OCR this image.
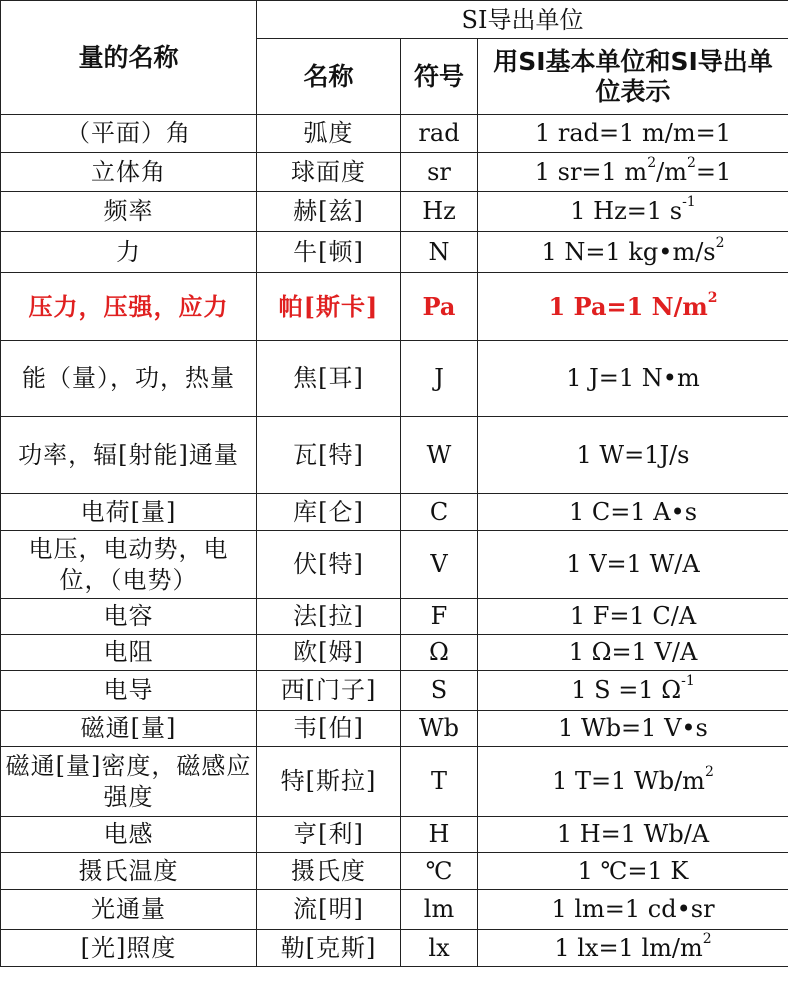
量的名称	SI导出单位		
	名称	符号	用SI基本单位和SI导出单位表示
（平面）角	弧度	rad	1 rad=1 m/m=1
立体角	球面度	sr	1 sr=1 $m^2/m^2=1$
频率	赫[兹]	Hz	1 Hz=1 $s^{-1}$
力	牛[顿]	N	1 N=1 $kg•m/s^2$
压力，压强，应力	帕[斯卡]	Pa	1 Pa=1 $N/m^2$
能（量），功，热量	焦[耳]	J	1 J=1 N•m
功率，辐[射能]通量	瓦[特]	W	1 W=1J/s
电荷[量]	库[仑]	C	1 C=1 A•s
电压，电动势，电位，（电势）	伏[特]	V	1 V=1 W/A
电容	法[拉]	F	1 F=1 C/A
电阻	欧[姆]	Ω	1 Ω=1 V/A
电导	西[门子]	S	1 S =1 $\Omega^{-1}$
磁通[量]	韦[伯]	Wb	1 Wb=1 V•s
磁通[量]密度，磁感应强度	特[斯拉]	T	1 T=1 $Wb/m^2$
电感	亨[利]	H	1 H=1 Wb/A
摄氏温度	摄氏度	℃	1 ℃=1 K
光通量	流[明]	lm	1 lm=1 cd•sr
[光]照度	勒[克斯]	lx	1 lx=1 $lm/m^2$
